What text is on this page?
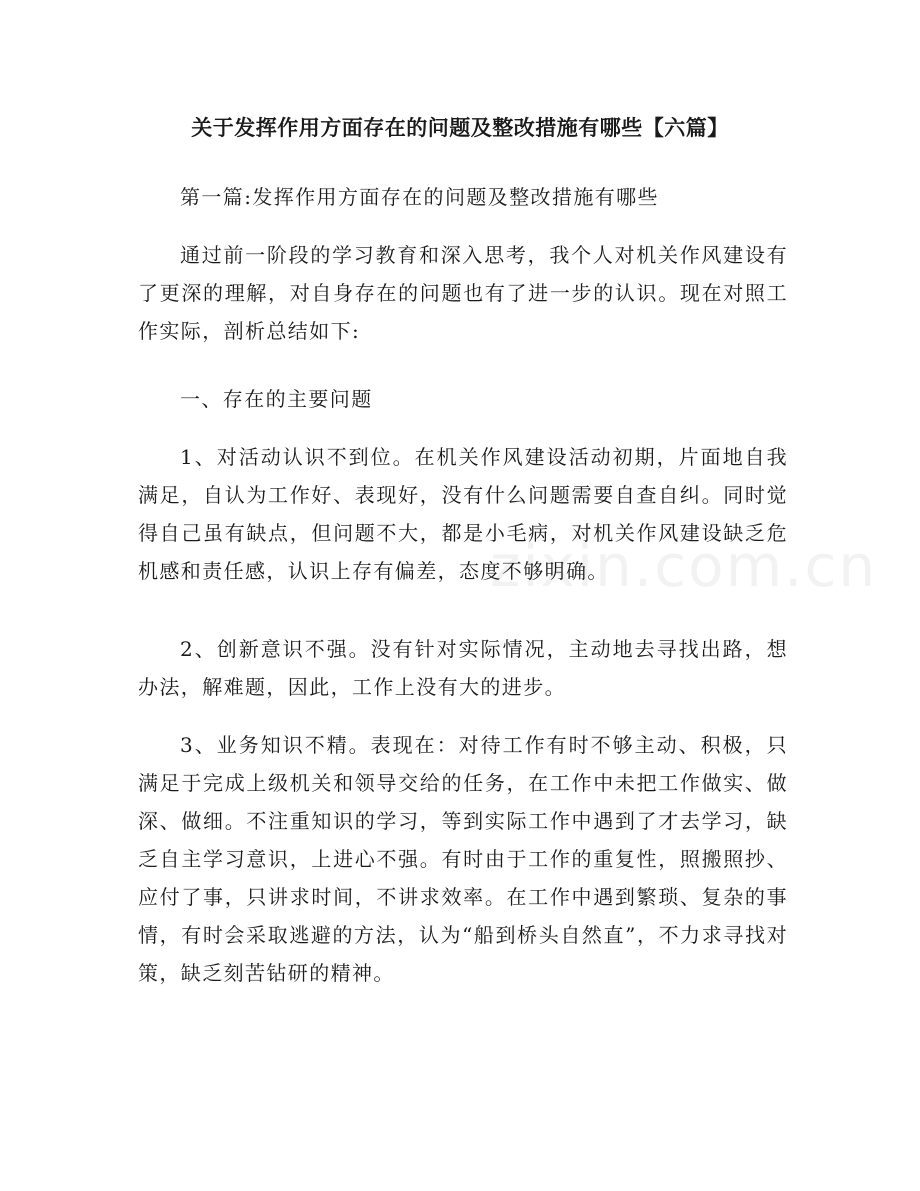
关于发挥作用方面存在的问题及整改措施有哪些【六篇】

第一篇:发挥作用方面存在的问题及整改措施有哪些

通过前一阶段的学习教育和深入思考，我个人对机关作风建设有了更深的理解，对自身存在的问题也有了进一步的认识。现在对照工作实际，剖析总结如下:

一、存在的主要问题

1、对活动认识不到位。在机关作风建设活动初期，片面地自我满足，自认为工作好、表现好，没有什么问题需要自查自纠。同时觉得自己虽有缺点，但问题不大，都是小毛病，对机关作风建设缺乏危机感和责任感，认识上存有偏差，态度不够明确。

2、创新意识不强。没有针对实际情况，主动地去寻找出路，想办法，解难题，因此，工作上没有大的进步。

3、业务知识不精。表现在：对待工作有时不够主动、积极，只满足于完成上级机关和领导交给的任务，在工作中未把工作做实、做深、做细。不注重知识的学习，等到实际工作中遇到了才去学习，缺乏自主学习意识，上进心不强。有时由于工作的重复性，照搬照抄、应付了事，只讲求时间，不讲求效率。在工作中遇到繁琐、复杂的事情，有时会采取逃避的方法，认为“船到桥头自然直”，不力求寻找对策，缺乏刻苦钻研的精神。

zixin.com.cn
